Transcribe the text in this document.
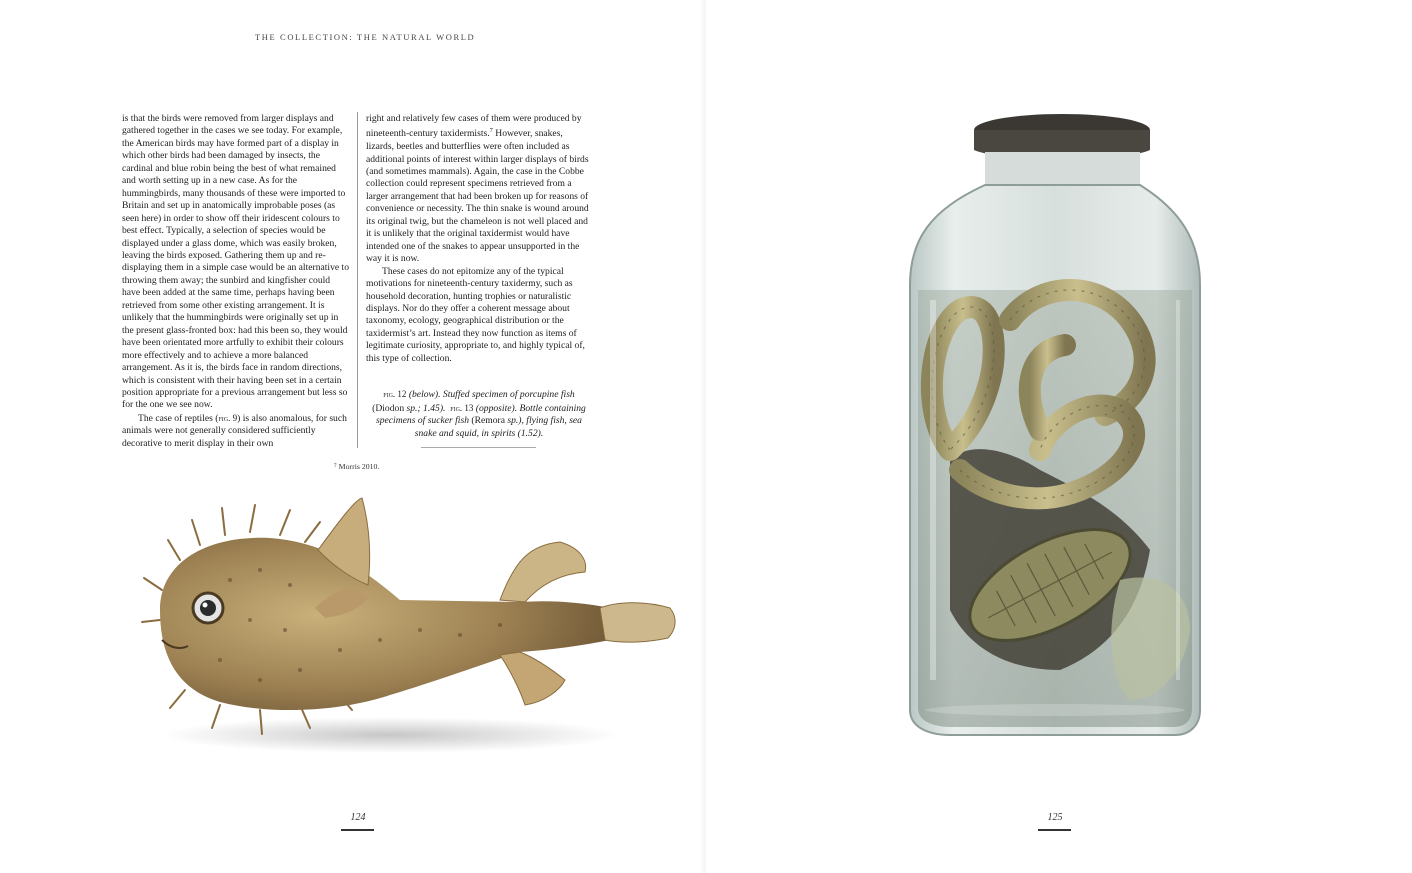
THE COLLECTION: THE NATURAL WORLD

is that the birds were removed from larger displays and gathered together in the cases we see today. For example, the American birds may have formed part of a display in which other birds had been damaged by insects, the cardinal and blue robin being the best of what remained and worth setting up in a new case. As for the hummingbirds, many thousands of these were imported to Britain and set up in anatomically improbable poses (as seen here) in order to show off their iridescent colours to best effect. Typically, a selection of species would be displayed under a glass dome, which was easily broken, leaving the birds exposed. Gathering them up and re-displaying them in a simple case would be an alternative to throwing them away; the sunbird and kingfisher could have been added at the same time, perhaps having been retrieved from some other existing arrangement. It is unlikely that the hummingbirds were originally set up in the present glass-fronted box: had this been so, they would have been orientated more artfully to exhibit their colours more effectively and to achieve a more balanced arrangement. As it is, the birds face in random directions, which is consistent with their having been set in a certain position appropriate for a previous arrangement but less so for the one we see now.

The case of reptiles (fig. 9) is also anomalous, for such animals were not generally considered sufficiently decorative to merit display in their own

right and relatively few cases of them were produced by nineteenth-century taxidermists.$^7$ However, snakes, lizards, beetles and butterflies were often included as additional points of interest within larger displays of birds (and sometimes mammals). Again, the case in the Cobbe collection could represent specimens retrieved from a larger arrangement that had been broken up for reasons of convenience or necessity. The thin snake is wound around its original twig, but the chameleon is not well placed and it is unlikely that the original taxidermist would have intended one of the snakes to appear unsupported in the way it is now.

These cases do not epitomize any of the typical motivations for nineteenth-century taxidermy, such as household decoration, hunting trophies or naturalistic displays. Nor do they offer a coherent message about taxonomy, ecology, geographical distribution or the taxidermist’s art. Instead they now function as items of legitimate curiosity, appropriate to, and highly typical of, this type of collection.

fig. 12 (below). Stuffed specimen of porcupine fish
(Diodon sp.; 1.45). fig. 13 (opposite). Bottle containing specimens of sucker fish (Remora sp.), flying fish, sea snake and squid, in spirits (1.52).
⁷ Morris 2010.
124	125
